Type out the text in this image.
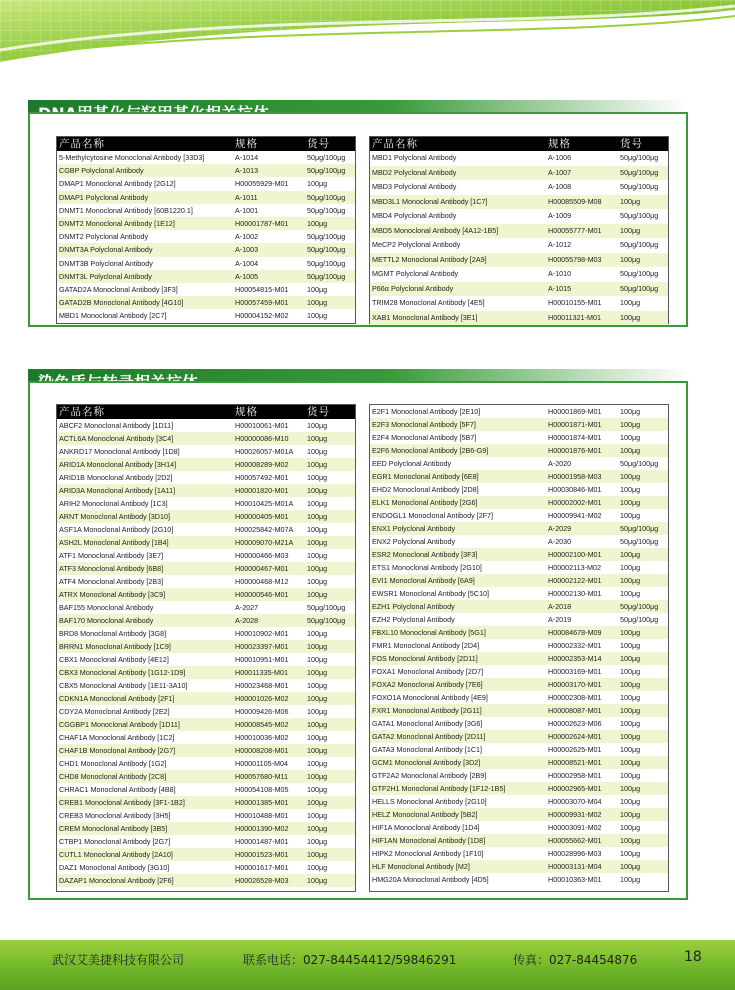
产品名称	规格	货号
5-Methylcytosine Monoclonal Antibody [33D3]	A-1014	50μg/100μg
CGBP Polyclonal Antibody	A-1013	50μg/100μg
DMAP1 Monoclonal Antibody [2G12]	H00055929-M01	100μg
DMAP1 Polyclonal Antibody	A-1011	50μg/100μg
DNMT1 Monoclonal Antibody [60B1220.1]	A-1001	50μg/100μg
DNMT2 Monoclonal Antibody [1E12]	H00001787-M01	100μg
DNMT2 Polyclonal Antibody	A-1002	50μg/100μg
DNMT3A Polyclonal Antibody	A-1003	50μg/100μg
DNMT3B Polyclonal Antibody	A-1004	50μg/100μg
DNMT3L Polyclonal Antibody	A-1005	50μg/100μg
GATAD2A Monoclonal Antibody [3F3]	H00054815-M01	100μg
GATAD2B Monoclonal Antibody [4G10]	H00057459-M01	100μg
MBD1 Monoclonal Antibody [2C7]	H00004152-M02	100μg
产品名称	规格	货号
MBD1 Polyclonal Antibody	A-1006	50μg/100μg
MBD2 Polyclonal Antibody	A-1007	50μg/100μg
MBD3 Polyclonal Antibody	A-1008	50μg/100μg
MBD3L1 Monoclonal Antibody [1C7]	H00085509-M08	100μg
MBD4 Polyclonal Antibody	A-1009	50μg/100μg
MBD5 Monoclonal Antibody [4A12-1B5]	H00055777-M01	100μg
MeCP2 Polyclonal Antibody	A-1012	50μg/100μg
METTL2 Monoclonal Antibody [2A9]	H00055798-M03	100μg
MGMT Polyclonal Antibody	A-1010	50μg/100μg
P66α Polyclonal Antibody	A-1015	50μg/100μg
TRIM28 Monoclonal Antibody [4E5]	H00010155-M01	100μg
XAB1 Monoclonal Antibody [3E1]	H00011321-M01	100μg
产品名称	规格	货号
ABCF2 Monoclonal Antibody [1D11]	H00010061-M01	100μg
ACTL6A Monoclonal Antibody [3C4]	H00000086-M10	100μg
ANKRD17 Monoclonal Antibody [1D8]	H00026057-M01A 100μg
ARID1A Monoclonal Antibody [3H14]	H00008289-M02	100μg
ARID1B Monoclonal Antibody [2D2]	H00057492-M01	100μg
ARID3A Monoclonal Antibody [1A11]	H00001820-M01	100μg
ARIH2 Monoclonal Antibody [1C3]	H00010425-M01A 100μg
ARNT Monoclonal Antibody [3D10]	H00000405-M01	100μg
ASF1A Monoclonal Antibody [2G10]	H00025842-M07A 100μg
ASH2L Monoclonal Antibody [1B4]	H00009070-M21A 100μg
ATF1 Monoclonal Antibody [3E7]	H00000466-M03	100μg
ATF3 Monoclonal Antibody [6B8]	H00000467-M01	100μg
ATF4 Monoclonal Antibody [2B3]	H00000468-M12	100μg
ATRX Monoclonal Antibody [3C9]	H00000546-M01	100μg
BAF155 Monoclonal Antibody	A-2027	50μg/100μg
BAF170 Monoclonal Antibody	A-2028	50μg/100μg
BRD8 Monoclonal Antibody [3G8]	H00010902-M01	100μg
BRRN1 Monoclonal Antibody [1C9]	H00023397-M01	100μg
CBX1 Monoclonal Antibody [4E12]	H00010951-M01	100μg
CBX3 Monoclonal Antibody [1G12-1D9]	H00011335-M01	100μg
CBX5 Monoclonal Antibody [1E11-3A10]	H00023468-M01	100μg
CDKN1A Monoclonal Antibody [2F1]	H00001026-M02	100μg
CDY2A Monoclonal Antibody [2E2]	H00009426-M06	100μg
CGGBP1 Monoclonal Antibody [1D11]	H00008545-M02	100μg
CHAF1A Monoclonal Antibody [1C2]	H00010036-M02	100μg
CHAF1B Monoclonal Antibody [2G7]	H00008208-M01	100μg
CHD1 Monoclonal Antibody [1G2]	H00001105-M04	100μg
CHD8 Monoclonal Antibody [2C8]	H00057680-M11	100μg
CHRAC1 Monoclonal Antibody [4B8]	H00054108-M05	100μg
CREB1 Monoclonal Antibody [3F1-1B2]	H00001385-M01	100μg
CREB3 Monoclonal Antibody [3H5]	H00010488-M01	100μg
CREM Monoclonal Antibody [3B5]	H00001390-M02	100μg
CTBP1 Monoclonal Antibody [2G7]	H00001487-M01	100μg
CUTL1 Monoclonal Antibody [2A10]	H00001523-M01	100μg
DAZ1 Monoclonal Antibody [3G10]	H00001617-M01	100μg
DAZAP1 Monoclonal Antibody [2F6]	H00026528-M03	100μg
E2F1 Monoclonal Antibody [2E10]	H00001869-M01	100μg
E2F3 Monoclonal Antibody [5F7]	H00001871-M01	100μg
E2F4 Monoclonal Antibody [5B7]	H00001874-M01	100μg
E2F6 Monoclonal Antibody [2B6-G9]	H00001876-M01	100μg
EED Polyclonal Antibody	A-2020	50μg/100μg
EGR1 Monoclonal Antibody [6E8]	H00001958-M03	100μg
EHD2 Monoclonal Antibody [2D8]	H00030846-M01	100μg
ELK1 Monoclonal Antibody [2G6]	H00002002-M01	100μg
ENDOGL1 Monoclonal Antibody [2F7]	H00009941-M02	100μg
ENX1 Polyclonal Antibody	A-2029	50μg/100μg
ENX2 Polyclonal Antibody	A-2030	50μg/100μg
ESR2 Monoclonal Antibody [3F3]	H00002100-M01	100μg
ETS1 Monoclonal Antibody [2G10]	H00002113-M02	100μg
EVI1 Monoclonal Antibody [6A9]	H00002122-M01	100μg
EWSR1 Monoclonal Antibody [5C10]	H00002130-M01	100μg
EZH1 Polyclonal Antibody	A-2018	50μg/100μg
EZH2 Polyclonal Antibody	A-2019	50μg/100μg
FBXL10 Monoclonal Antibody [5G1]	H00084678-M09	100μg
FMR1 Monoclonal Antibody [2D4]	H00002332-M01	100μg
FOS Monoclonal Antibody [2D11]	H00002353-M14	100μg
FOXA1 Monoclonal Antibody [2D7]	H00003169-M01	100μg
FOXA2 Monoclonal Antibody [7E6]	H00003170-M01	100μg
FOXO1A Monoclonal Antibody [4E9]	H00002308-M01	100μg
FXR1 Monoclonal Antibody [2G11]	H00008087-M01	100μg
GATA1 Monoclonal Antibody [3G6]	H00002623-M06	100μg
GATA2 Monoclonal Antibody [2D11]	H00002624-M01	100μg
GATA3 Monoclonal Antibody [1C1]	H00002625-M01	100μg
GCM1 Monoclonal Antibody [3D2]	H00008521-M01	100μg
GTF2A2 Monoclonal Antibody [2B9]	H00002958-M01	100μg
GTF2H1 Monoclonal Antibody [1F12-1B5]	H00002965-M01	100μg
HELLS Monoclonal Antibody [2G10]	H00003070-M04	100μg
HELZ Monoclonal Antibody [5B2]	H00009931-M02	100μg
HIF1A Monoclonal Antibody [1D4]	H00003091-M02	100μg
HIF1AN Monoclonal Antibody [1D8]	H00055662-M01	100μg
HIPK2 Monoclonal Antibody [1F10]	H00028996-M03	100μg
HLF Monoclonal Antibody [M2]	H00003131-M04	100μg
HMG20A Monoclonal Antibody [4D5]	H00010363-M01	100μg
武汉艾美捷科技有限公司	联系电话：027-84454412/59846291	传真：027-84454876	18
